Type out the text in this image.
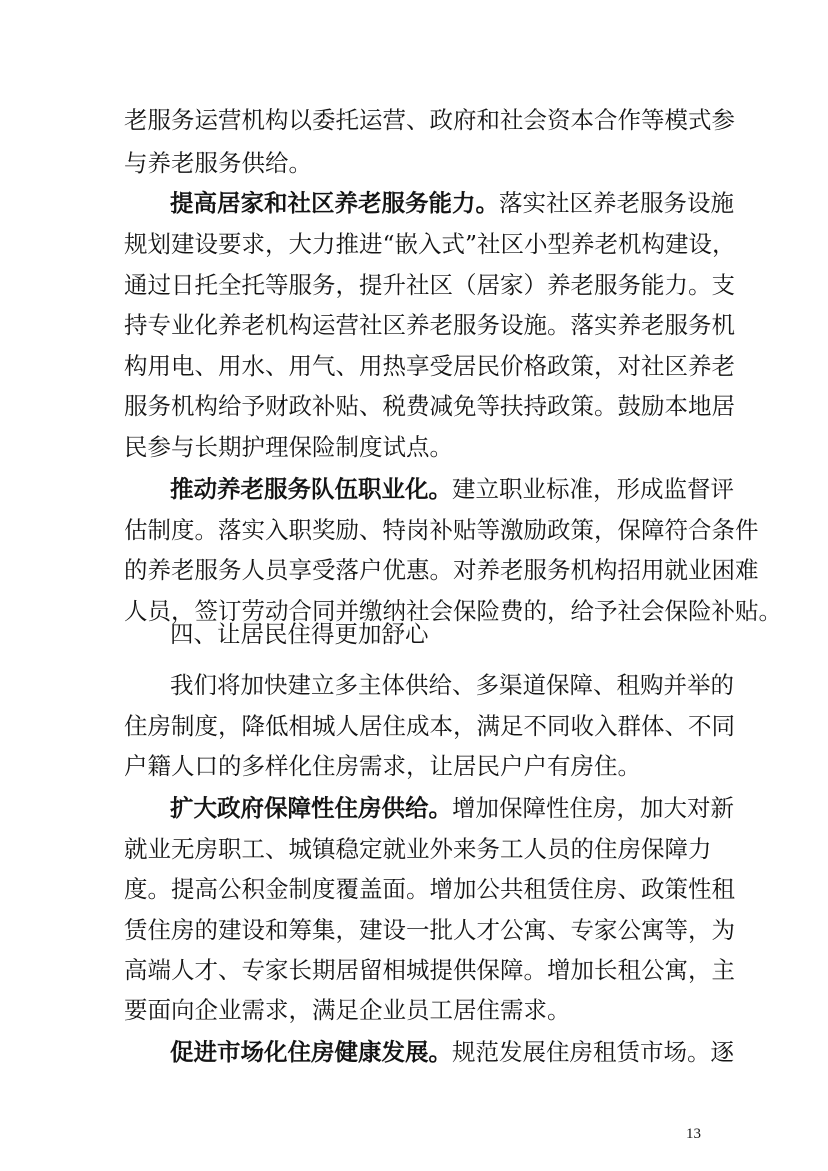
老服务运营机构以委托运营、政府和社会资本合作等模式参
与养老服务供给。
提高居家和社区养老服务能力。落实社区养老服务设施
规划建设要求，大力推进“嵌入式”社区小型养老机构建设，
通过日托全托等服务，提升社区（居家）养老服务能力。支
持专业化养老机构运营社区养老服务设施。落实养老服务机
构用电、用水、用气、用热享受居民价格政策，对社区养老
服务机构给予财政补贴、税费减免等扶持政策。鼓励本地居
民参与长期护理保险制度试点。
推动养老服务队伍职业化。建立职业标准，形成监督评
估制度。落实入职奖励、特岗补贴等激励政策，保障符合条件
的养老服务人员享受落户优惠。对养老服务机构招用就业困难
人员，签订劳动合同并缴纳社会保险费的，给予社会保险补贴。
四、让居民住得更加舒心
我们将加快建立多主体供给、多渠道保障、租购并举的
住房制度，降低相城人居住成本，满足不同收入群体、不同
户籍人口的多样化住房需求，让居民户户有房住。
扩大政府保障性住房供给。增加保障性住房，加大对新
就业无房职工、城镇稳定就业外来务工人员的住房保障力
度。提高公积金制度覆盖面。增加公共租赁住房、政策性租
赁住房的建设和筹集，建设一批人才公寓、专家公寓等，为
高端人才、专家长期居留相城提供保障。增加长租公寓，主
要面向企业需求，满足企业员工居住需求。
促进市场化住房健康发展。规范发展住房租赁市场。逐
13
